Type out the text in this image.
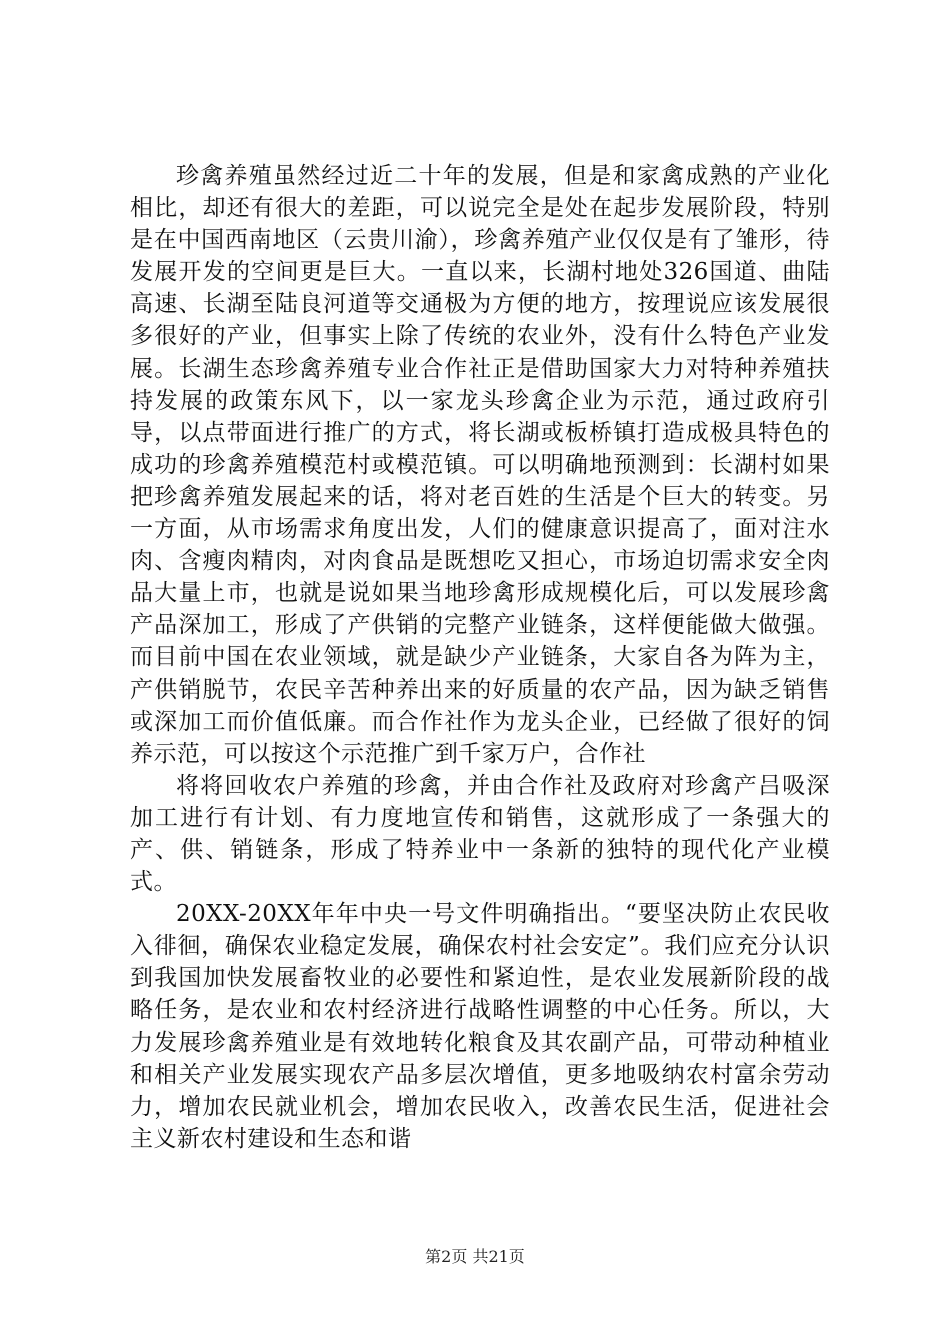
珍禽养殖虽然经过近二十年的发展，但是和家禽成熟的产业化相比，却还有很大的差距，可以说完全是处在起步发展阶段，特别是在中国西南地区（云贵川渝），珍禽养殖产业仅仅是有了雏形，待发展开发的空间更是巨大。一直以来，长湖村地处326国道、曲陆高速、长湖至陆良河道等交通极为方便的地方，按理说应该发展很多很好的产业，但事实上除了传统的农业外，没有什么特色产业发展。长湖生态珍禽养殖专业合作社正是借助国家大力对特种养殖扶持发展的政策东风下，以一家龙头珍禽企业为示范，通过政府引导，以点带面进行推广的方式，将长湖或板桥镇打造成极具特色的成功的珍禽养殖模范村或模范镇。可以明确地预测到：长湖村如果把珍禽养殖发展起来的话，将对老百姓的生活是个巨大的转变。另一方面，从市场需求角度出发，人们的健康意识提高了，面对注水肉、含瘦肉精肉，对肉食品是既想吃又担心，市场迫切需求安全肉品大量上市，也就是说如果当地珍禽形成规模化后，可以发展珍禽产品深加工，形成了产供销的完整产业链条，这样便能做大做强。而目前中国在农业领域，就是缺少产业链条，大家自各为阵为主，产供销脱节，农民辛苦种养出来的好质量的农产品，因为缺乏销售或深加工而价值低廉。而合作社作为龙头企业，已经做了很好的饲养示范，可以按这个示范推广到千家万户，合作社

将将回收农户养殖的珍禽，并由合作社及政府对珍禽产吕吸深加工进行有计划、有力度地宣传和销售，这就形成了一条强大的产、供、销链条，形成了特养业中一条新的独特的现代化产业模式。

20XX-20XX年年中央一号文件明确指出。“要坚决防止农民收入徘徊，确保农业稳定发展，确保农村社会安定”。我们应充分认识到我国加快发展畜牧业的必要性和紧迫性，是农业发展新阶段的战略任务，是农业和农村经济进行战略性调整的中心任务。所以，大力发展珍禽养殖业是有效地转化粮食及其农副产品，可带动种植业和相关产业发展实现农产品多层次增值，更多地吸纳农村富余劳动力，增加农民就业机会，增加农民收入，改善农民生活，促进社会主义新农村建设和生态和谐

第2页 共21页
